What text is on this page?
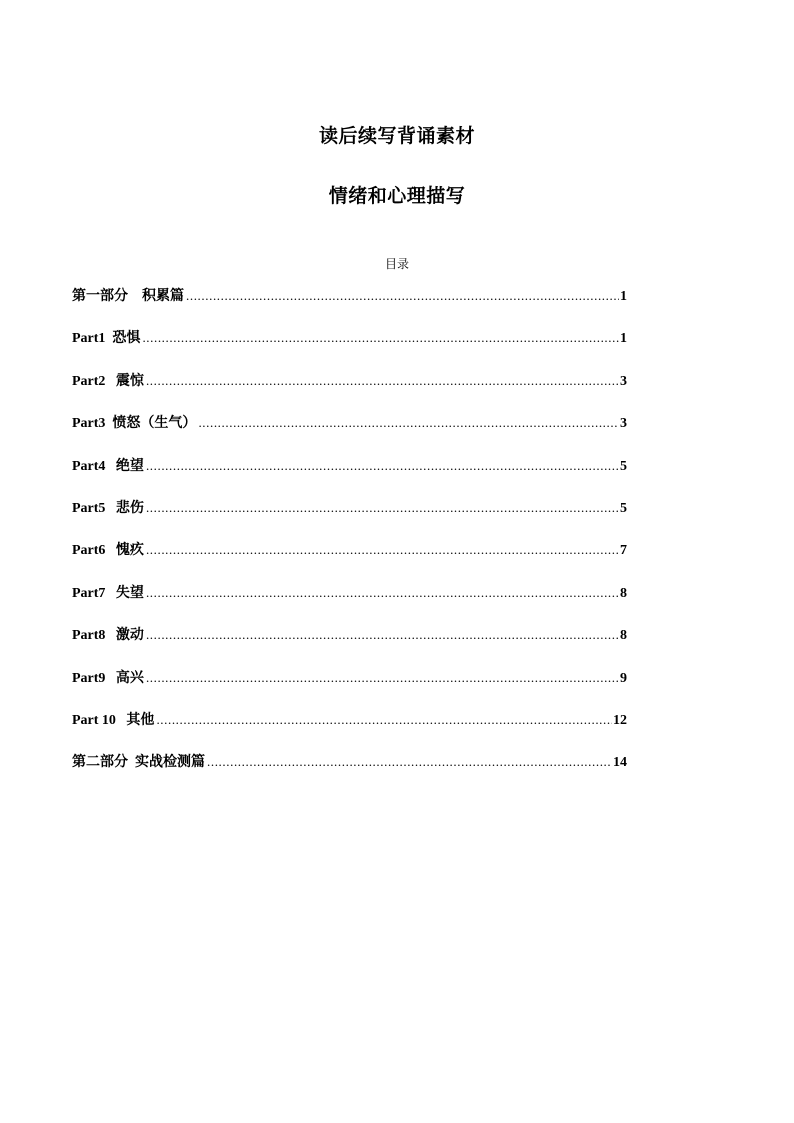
读后续写背诵素材
情绪和心理描写
目录
第一部分　积累篇 .....	1
Part1  恐惧 .....	1
Part2   震惊 .....	3
Part3  愤怒（生气） .....	3
Part4   绝望 .....	5
Part5   悲伤 .....	5
Part6   愧疚 .....	7
Part7   失望 .....	8
Part8   激动 .....	8
Part9   高兴 .....	9
Part 10   其他 .....	12
第二部分  实战检测篇 .....	14
